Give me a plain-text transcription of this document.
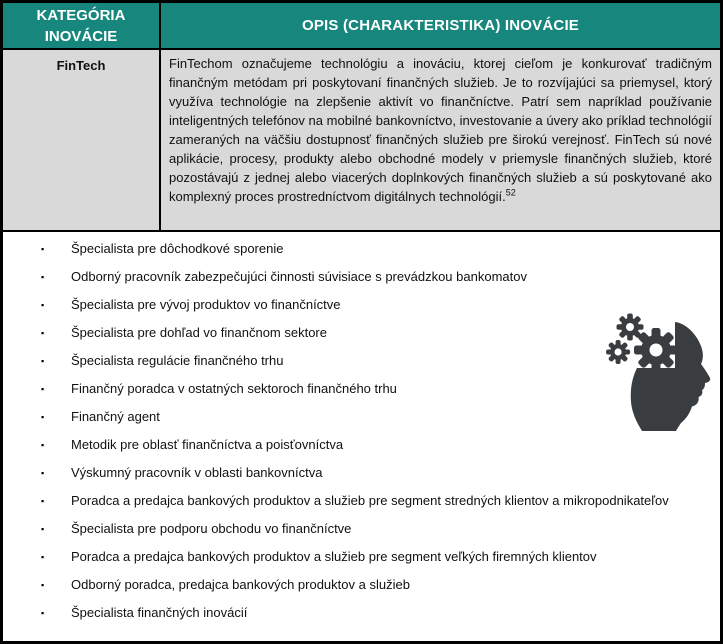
KATEGÓRIA INOVÁCIE
OPIS (CHARAKTERISTIKA) INOVÁCIE
FinTech	FinTechom označujeme technológiu a inováciu, ktorej cieľom je konkurovať tradičným finančným metódam pri poskytovaní finančných služieb. Je to rozvíjajúci sa priemysel, ktorý využíva technológie na zlepšenie aktivít vo finančníctve. Patrí sem napríklad používanie inteligentných telefónov na mobilné bankovníctvo, investovanie a úvery ako príklad technológií zameraných na väčšiu dostupnosť finančných služieb pre širokú verejnosť. FinTech sú nové aplikácie, procesy, produkty alebo obchodné modely v priemysle finančných služieb, ktoré pozostávajú z jednej alebo viacerých doplnkových finančných služieb a sú poskytované ako komplexný proces prostredníctvom digitálnych technológií.$^{52}$

▪ Špecialista pre dôchodkové sporenie
▪ Odborný pracovník zabezpečujúci činnosti súvisiace s prevádzkou bankomatov
▪ Špecialista pre vývoj produktov vo finančníctve
▪ Špecialista pre dohľad vo finančnom sektore
▪ Špecialista regulácie finančného trhu
▪ Finančný poradca v ostatných sektoroch finančného trhu
▪ Finančný agent
▪ Metodik pre oblasť finančníctva a poisťovníctva
▪ Výskumný pracovník v oblasti bankovníctva
▪ Poradca a predajca bankových produktov a služieb pre segment stredných klientov a mikropodnikateľov
▪ Špecialista pre podporu obchodu vo finančníctve
▪ Poradca a predajca bankových produktov a služieb pre segment veľkých firemných klientov
▪ Odborný poradca, predajca bankových produktov a služieb
▪ Špecialista finančných inovácií
